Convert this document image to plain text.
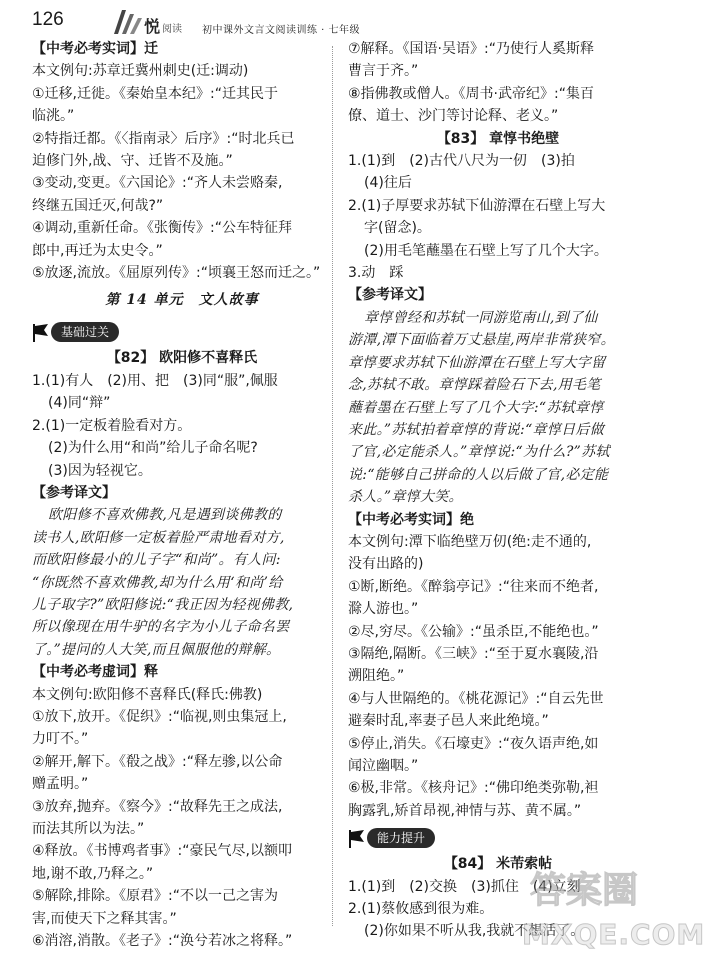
126	悦 阅读 初中课外文言文阅读训练 · 七年级
【中考必考实词】迁
本文例句:苏章迁冀州刺史(迁:调动)
①迁移,迁徙。《秦始皇本纪》:“迁其民于
临洮。”
②特指迁都。《〈指南录〉后序》:“时北兵已
迫修门外,战、守、迁皆不及施。”
③变动,变更。《六国论》:“齐人未尝赂秦,
终继五国迁灭,何哉?”
④调动,重新任命。《张衡传》:“公车特征拜
郎中,再迁为太史令。”
⑤放逐,流放。《屈原列传》:“顷襄王怒而迁之。”
第 14 单元　文人故事
基础过关
【82】 欧阳修不喜释氏
1.(1)有人　(2)用、把　(3)同“服”,佩服
(4)同“辩”
2.(1)一定板着脸看对方。
(2)为什么用“和尚”给儿子命名呢?
(3)因为轻视它。
【参考译文】
欧阳修不喜欢佛教,凡是遇到谈佛教的
读书人,欧阳修一定板着脸严肃地看对方,
而欧阳修最小的儿子字“和尚”。有人问:
“你既然不喜欢佛教,却为什么用‘和尚’给
儿子取字?”欧阳修说:“我正因为轻视佛教,
所以像现在用牛驴的名字为小儿子命名罢
了。”提问的人大笑,而且佩服他的辩解。
【中考必考虚词】释
本文例句:欧阳修不喜释氏(释氏:佛教)
①放下,放开。《促织》:“临视,则虫集冠上,
力叮不。”
②解开,解下。《殽之战》:“释左骖,以公命
赠孟明。”
③放弃,抛弃。《察今》:“故释先王之成法,
而法其所以为法。”
④释放。《书博鸡者事》:“豪民气尽,以额叩
地,谢不敢,乃释之。”
⑤解除,排除。《原君》:“不以一己之害为
害,而使天下之释其害。”
⑥消溶,消散。《老子》:“涣兮若冰之将释。”
⑦解释。《国语·吴语》:“乃使行人奚斯释
曹言于齐。”
⑧指佛教或僧人。《周书·武帝纪》:“集百
僚、道士、沙门等讨论释、老义。”
【83】 章惇书绝壁
1.(1)到　(2)古代八尺为一仞　(3)拍
(4)往后
2.(1)子厚要求苏轼下仙游潭在石壁上写大
字(留念)。
(2)用毛笔蘸墨在石壁上写了几个大字。
3.动　踩
【参考译文】
章惇曾经和苏轼一同游览南山,到了仙
游潭,潭下面临着万丈悬崖,两岸非常狭窄。
章惇要求苏轼下仙游潭在石壁上写大字留
念,苏轼不敢。章惇踩着险石下去,用毛笔
蘸着墨在石壁上写了几个大字:“苏轼章惇
来此。”苏轼拍着章惇的背说:“章惇日后做
了官,必定能杀人。”章惇说:“为什么?”苏轼
说:“能够自己拼命的人以后做了官,必定能
杀人。”章惇大笑。
【中考必考实词】绝
本文例句:潭下临绝壁万仞(绝:走不通的,
没有出路的)
①断,断绝。《醉翁亭记》:“往来而不绝者,
滁人游也。”
②尽,穷尽。《公输》:“虽杀臣,不能绝也。”
③隔绝,隔断。《三峡》:“至于夏水襄陵,沿
溯阻绝。”
④与人世隔绝的。《桃花源记》:“自云先世
避秦时乱,率妻子邑人来此绝境。”
⑤停止,消失。《石壕吏》:“夜久语声绝,如
闻泣幽咽。”
⑥极,非常。《核舟记》:“佛印绝类弥勒,袒
胸露乳,矫首昂视,神情与苏、黄不属。”
能力提升
【84】 米芾索帖
1.(1)到　(2)交换　(3)抓住　(4)立刻
2.(1)蔡攸感到很为难。
(2)你如果不听从我,我就不想活了。
答案圈
MXQE.COM
